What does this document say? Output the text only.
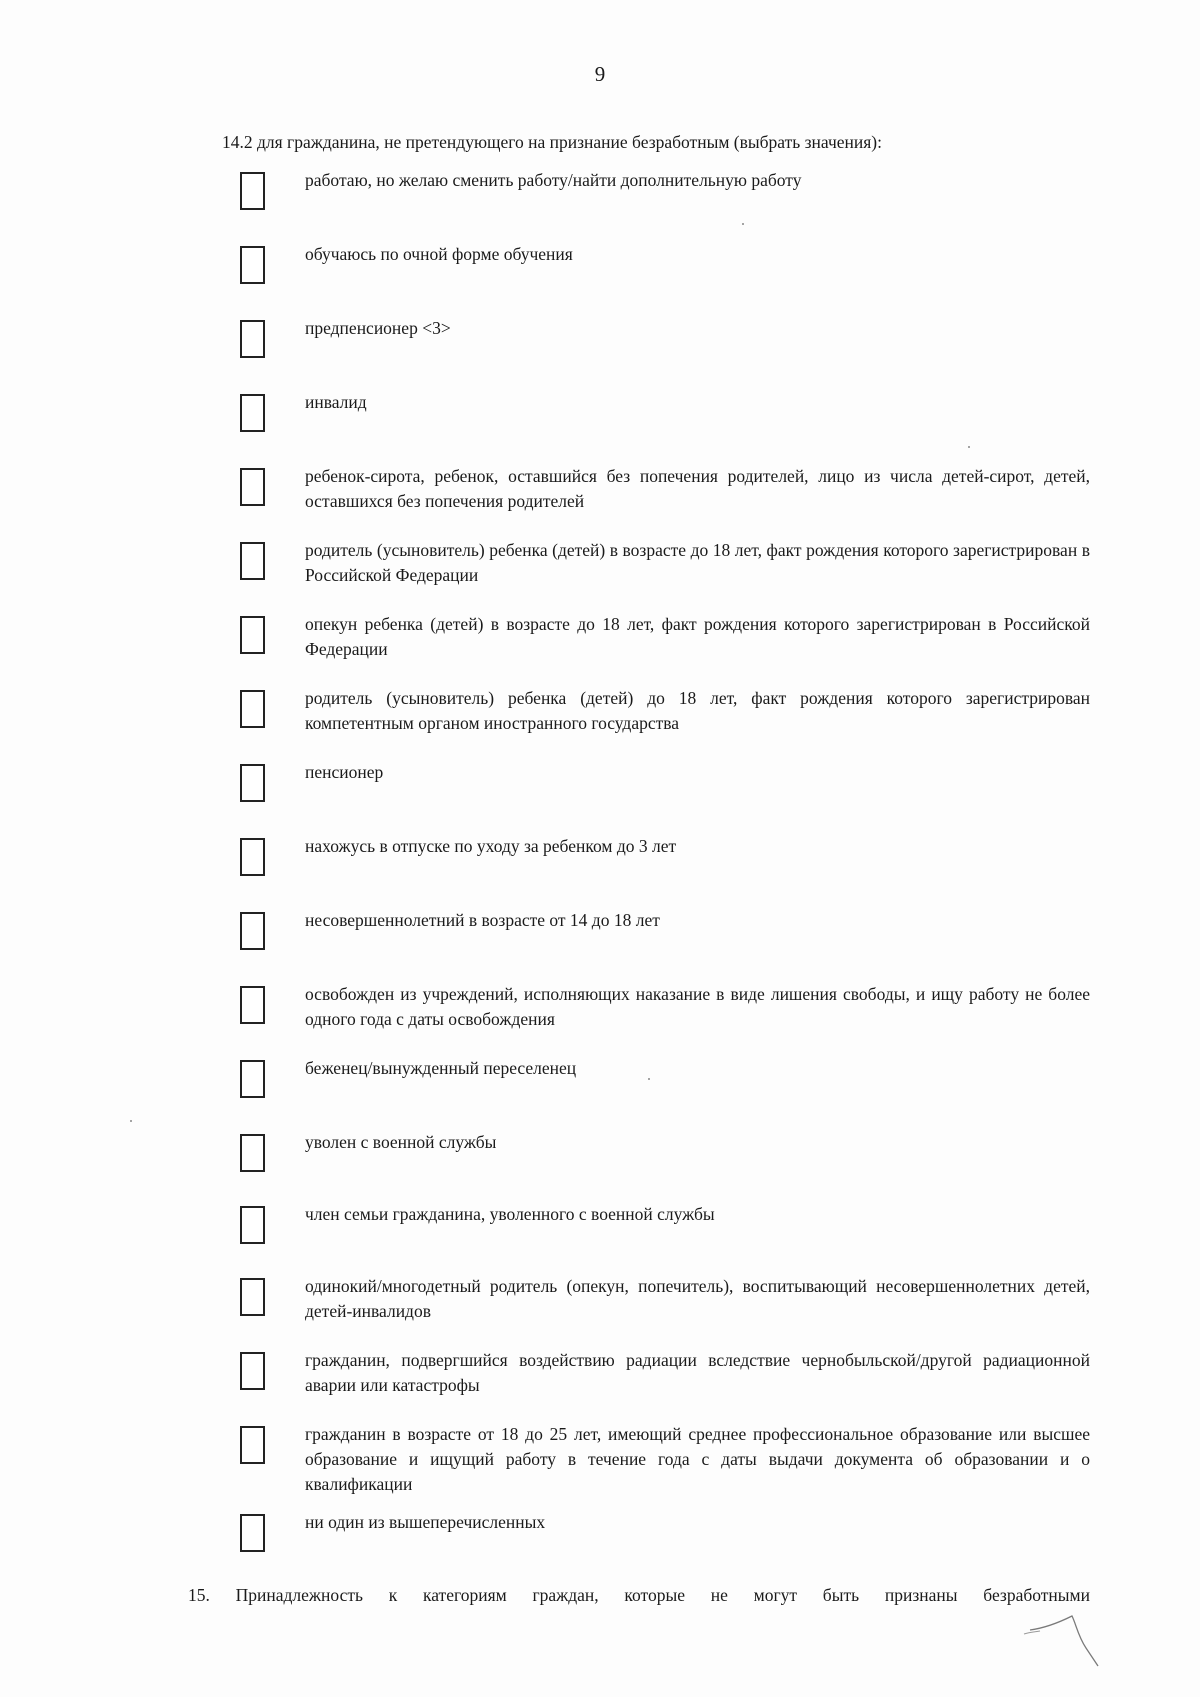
9
14.2 для гражданина, не претендующего на признание безработным (выбрать значения):
работаю, но желаю сменить работу/найти дополнительную работу
обучаюсь по очной форме обучения
предпенсионер <3>
инвалид
ребенок-сирота, ребенок, оставшийся без попечения родителей, лицо из числа детей-сирот, детей, оставшихся без попечения родителей
родитель (усыновитель) ребенка (детей) в возрасте до 18 лет, факт рождения которого зарегистрирован в Российской Федерации
опекун ребенка (детей) в возрасте до 18 лет, факт рождения которого зарегистрирован в Российской Федерации
родитель (усыновитель) ребенка (детей) до 18 лет, факт рождения которого зарегистрирован компетентным органом иностранного государства
пенсионер
нахожусь в отпуске по уходу за ребенком до 3 лет
несовершеннолетний в возрасте от 14 до 18 лет
освобожден из учреждений, исполняющих наказание в виде лишения свободы, и ищу работу не более одного года с даты освобождения
беженец/вынужденный переселенец
уволен с военной службы
член семьи гражданина, уволенного с военной службы
одинокий/многодетный родитель (опекун, попечитель), воспитывающий несовершеннолетних детей, детей-инвалидов
гражданин, подвергшийся воздействию радиации вследствие чернобыльской/другой радиационной аварии или катастрофы
гражданин в возрасте от 18 до 25 лет, имеющий среднее профессиональное образование или высшее образование и ищущий работу в течение года с даты выдачи документа об образовании и о квалификации
ни один из вышеперечисленных
15. Принадлежность к категориям граждан, которые не могут быть признаны безработными
